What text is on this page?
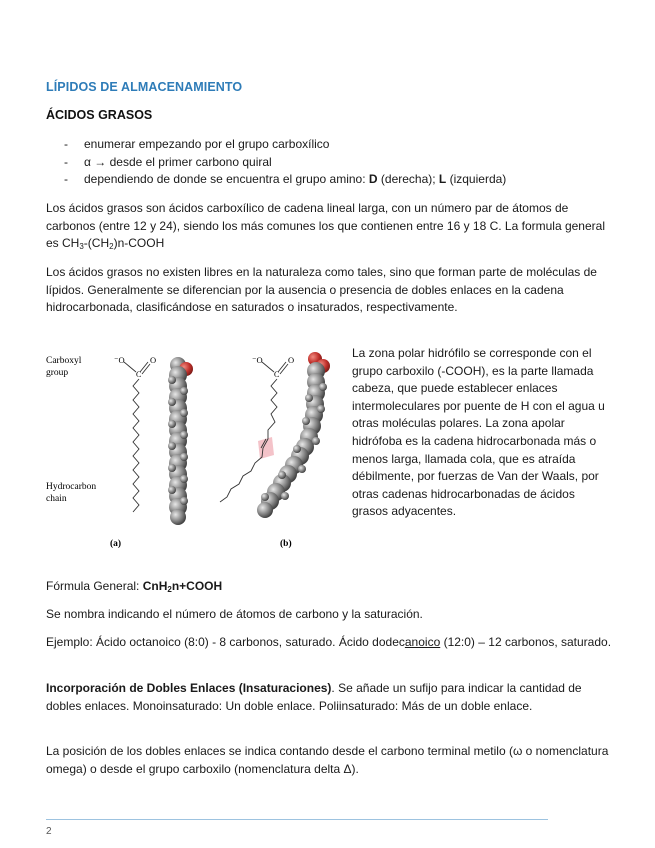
LÍPIDOS DE ALMACENAMIENTO
ÁCIDOS GRASOS
- enumerar empezando por el grupo carboxílico
- α → desde el primer carbono quiral
- dependiendo de donde se encuentra el grupo amino: D (derecha); L (izquierda)

Los ácidos grasos son ácidos carboxílico de cadena lineal larga, con un número par de átomos de carbonos (entre 12 y 24), siendo los más comunes los que contienen entre 16 y 18 C. La formula general es $CH_3-(CH_2)n$-COOH

Los ácidos grasos no existen libres en la naturaleza como tales, sino que forman parte de moléculas de lípidos. Generalmente se diferencian por la ausencia o presencia de dobles enlaces en la cadena hidrocarbonada, clasificándose en saturados o insaturados, respectivamente.

Carboxyl
group
Hydrocarbon
chain
⁻O	O
C
⁻O	O
C
(a)	(b)

La zona polar hidrófilo se corresponde con el grupo carboxilo (-COOH), es la parte llamada cabeza, que puede establecer enlaces intermoleculares por puente de H con el agua u otras moléculas polares. La zona apolar hidrófoba es la cadena hidrocarbonada más o menos larga, llamada cola, que es atraída débilmente, por fuerzas de Van der Waals, por otras cadenas hidrocarbonadas de ácidos grasos adyacentes.

Fórmula General: CnH$_2$n+COOH

Se nombra indicando el número de átomos de carbono y la saturación.

Ejemplo: Ácido octanoico (8:0) - 8 carbonos, saturado. Ácido dodecanoico (12:0) – 12 carbonos, saturado.

Incorporación de Dobles Enlaces (Insaturaciones). Se añade un sufijo para indicar la cantidad de dobles enlaces. Monoinsaturado: Un doble enlace. Poliinsaturado: Más de un doble enlace.

La posición de los dobles enlaces se indica contando desde el carbono terminal metilo (ω o nomenclatura omega) o desde el grupo carboxilo (nomenclatura delta Δ).

2
